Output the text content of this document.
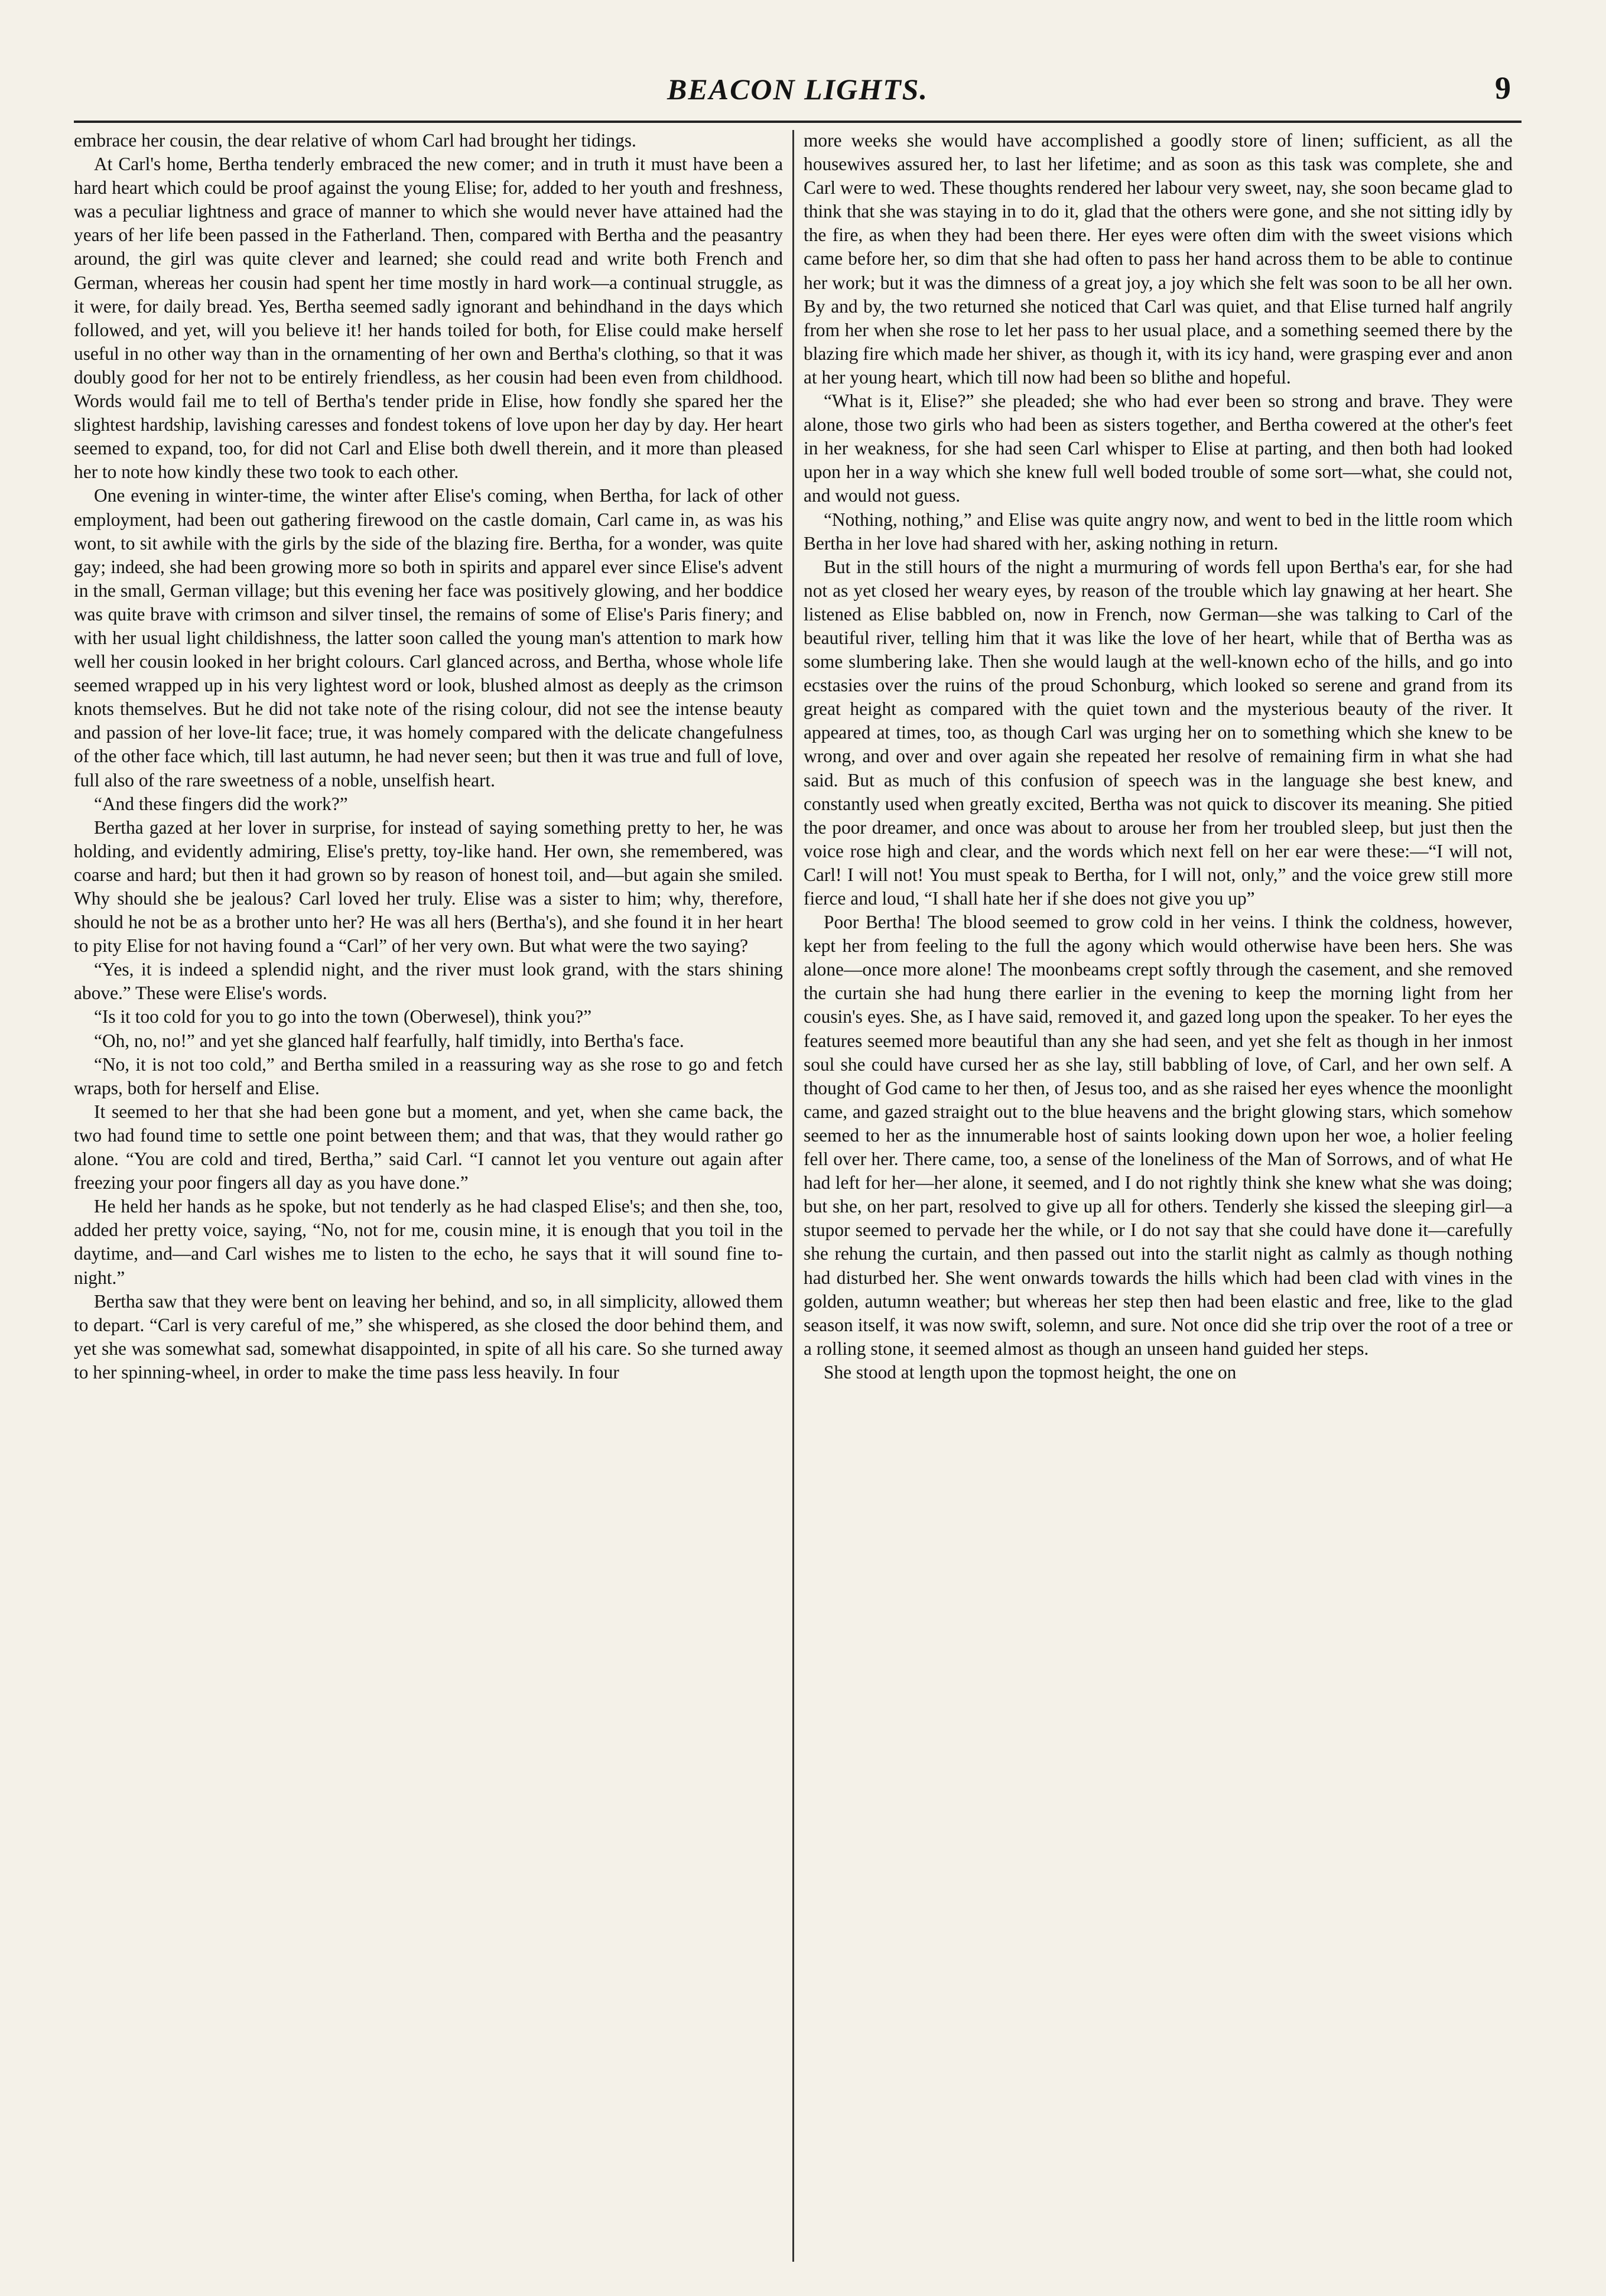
BEACON LIGHTS.	9

embrace her cousin, the dear relative of whom Carl had brought her tidings.

At Carl's home, Bertha tenderly embraced the new comer; and in truth it must have been a hard heart which could be proof against the young Elise; for, added to her youth and freshness, was a peculiar lightness and grace of manner to which she would never have attained had the years of her life been passed in the Fatherland. Then, compared with Bertha and the peasantry around, the girl was quite clever and learned; she could read and write both French and German, whereas her cousin had spent her time mostly in hard work—a continual struggle, as it were, for daily bread. Yes, Bertha seemed sadly ignorant and behindhand in the days which followed, and yet, will you believe it! her hands toiled for both, for Elise could make herself useful in no other way than in the ornamenting of her own and Bertha's clothing, so that it was doubly good for her not to be entirely friendless, as her cousin had been even from childhood. Words would fail me to tell of Bertha's tender pride in Elise, how fondly she spared her the slightest hardship, lavishing caresses and fondest tokens of love upon her day by day. Her heart seemed to expand, too, for did not Carl and Elise both dwell therein, and it more than pleased her to note how kindly these two took to each other.

One evening in winter-time, the winter after Elise's coming, when Bertha, for lack of other employment, had been out gathering firewood on the castle domain, Carl came in, as was his wont, to sit awhile with the girls by the side of the blazing fire. Bertha, for a wonder, was quite gay; indeed, she had been growing more so both in spirits and apparel ever since Elise's advent in the small, German village; but this evening her face was positively glowing, and her boddice was quite brave with crimson and silver tinsel, the remains of some of Elise's Paris finery; and with her usual light childishness, the latter soon called the young man's attention to mark how well her cousin looked in her bright colours. Carl glanced across, and Bertha, whose whole life seemed wrapped up in his very lightest word or look, blushed almost as deeply as the crimson knots themselves. But he did not take note of the rising colour, did not see the intense beauty and passion of her love-lit face; true, it was homely compared with the delicate changefulness of the other face which, till last autumn, he had never seen; but then it was true and full of love, full also of the rare sweetness of a noble, unselfish heart.

“And these fingers did the work?”

Bertha gazed at her lover in surprise, for instead of saying something pretty to her, he was holding, and evidently admiring, Elise's pretty, toy-like hand. Her own, she remembered, was coarse and hard; but then it had grown so by reason of honest toil, and—but again she smiled. Why should she be jealous? Carl loved her truly. Elise was a sister to him; why, therefore, should he not be as a brother unto her? He was all hers (Bertha's), and she found it in her heart to pity Elise for not having found a “Carl” of her very own. But what were the two saying?

“Yes, it is indeed a splendid night, and the river must look grand, with the stars shining above.” These were Elise's words.

“Is it too cold for you to go into the town (Oberwesel), think you?”

“Oh, no, no!” and yet she glanced half fearfully, half timidly, into Bertha's face.

“No, it is not too cold,” and Bertha smiled in a reassuring way as she rose to go and fetch wraps, both for herself and Elise.

It seemed to her that she had been gone but a moment, and yet, when she came back, the two had found time to settle one point between them; and that was, that they would rather go alone. “You are cold and tired, Bertha,” said Carl. “I cannot let you venture out again after freezing your poor fingers all day as you have done.”

He held her hands as he spoke, but not tenderly as he had clasped Elise's; and then she, too, added her pretty voice, saying, “No, not for me, cousin mine, it is enough that you toil in the daytime, and—and Carl wishes me to listen to the echo, he says that it will sound fine to-night.”

Bertha saw that they were bent on leaving her behind, and so, in all simplicity, allowed them to depart. “Carl is very careful of me,” she whispered, as she closed the door behind them, and yet she was somewhat sad, somewhat disappointed, in spite of all his care. So she turned away to her spinning-wheel, in order to make the time pass less heavily. In four

more weeks she would have accomplished a goodly store of linen; sufficient, as all the housewives assured her, to last her lifetime; and as soon as this task was complete, she and Carl were to wed. These thoughts rendered her labour very sweet, nay, she soon became glad to think that she was staying in to do it, glad that the others were gone, and she not sitting idly by the fire, as when they had been there. Her eyes were often dim with the sweet visions which came before her, so dim that she had often to pass her hand across them to be able to continue her work; but it was the dimness of a great joy, a joy which she felt was soon to be all her own. By and by, the two returned she noticed that Carl was quiet, and that Elise turned half angrily from her when she rose to let her pass to her usual place, and a something seemed there by the blazing fire which made her shiver, as though it, with its icy hand, were grasping ever and anon at her young heart, which till now had been so blithe and hopeful.

“What is it, Elise?” she pleaded; she who had ever been so strong and brave. They were alone, those two girls who had been as sisters together, and Bertha cowered at the other's feet in her weakness, for she had seen Carl whisper to Elise at parting, and then both had looked upon her in a way which she knew full well boded trouble of some sort—what, she could not, and would not guess.

“Nothing, nothing,” and Elise was quite angry now, and went to bed in the little room which Bertha in her love had shared with her, asking nothing in return.

But in the still hours of the night a murmuring of words fell upon Bertha's ear, for she had not as yet closed her weary eyes, by reason of the trouble which lay gnawing at her heart. She listened as Elise babbled on, now in French, now German—she was talking to Carl of the beautiful river, telling him that it was like the love of her heart, while that of Bertha was as some slumbering lake. Then she would laugh at the well-known echo of the hills, and go into ecstasies over the ruins of the proud Schonburg, which looked so serene and grand from its great height as compared with the quiet town and the mysterious beauty of the river. It appeared at times, too, as though Carl was urging her on to something which she knew to be wrong, and over and over again she repeated her resolve of remaining firm in what she had said. But as much of this confusion of speech was in the language she best knew, and constantly used when greatly excited, Bertha was not quick to discover its meaning. She pitied the poor dreamer, and once was about to arouse her from her troubled sleep, but just then the voice rose high and clear, and the words which next fell on her ear were these:—“I will not, Carl! I will not! You must speak to Bertha, for I will not, only,” and the voice grew still more fierce and loud, “I shall hate her if she does not give you up”

Poor Bertha! The blood seemed to grow cold in her veins. I think the coldness, however, kept her from feeling to the full the agony which would otherwise have been hers. She was alone—once more alone! The moonbeams crept softly through the casement, and she removed the curtain she had hung there earlier in the evening to keep the morning light from her cousin's eyes. She, as I have said, removed it, and gazed long upon the speaker. To her eyes the features seemed more beautiful than any she had seen, and yet she felt as though in her inmost soul she could have cursed her as she lay, still babbling of love, of Carl, and her own self. A thought of God came to her then, of Jesus too, and as she raised her eyes whence the moonlight came, and gazed straight out to the blue heavens and the bright glowing stars, which somehow seemed to her as the innumerable host of saints looking down upon her woe, a holier feeling fell over her. There came, too, a sense of the loneliness of the Man of Sorrows, and of what He had left for her—her alone, it seemed, and I do not rightly think she knew what she was doing; but she, on her part, resolved to give up all for others. Tenderly she kissed the sleeping girl—a stupor seemed to pervade her the while, or I do not say that she could have done it—carefully she rehung the curtain, and then passed out into the starlit night as calmly as though nothing had disturbed her. She went onwards towards the hills which had been clad with vines in the golden, autumn weather; but whereas her step then had been elastic and free, like to the glad season itself, it was now swift, solemn, and sure. Not once did she trip over the root of a tree or a rolling stone, it seemed almost as though an unseen hand guided her steps.

She stood at length upon the topmost height, the one on
